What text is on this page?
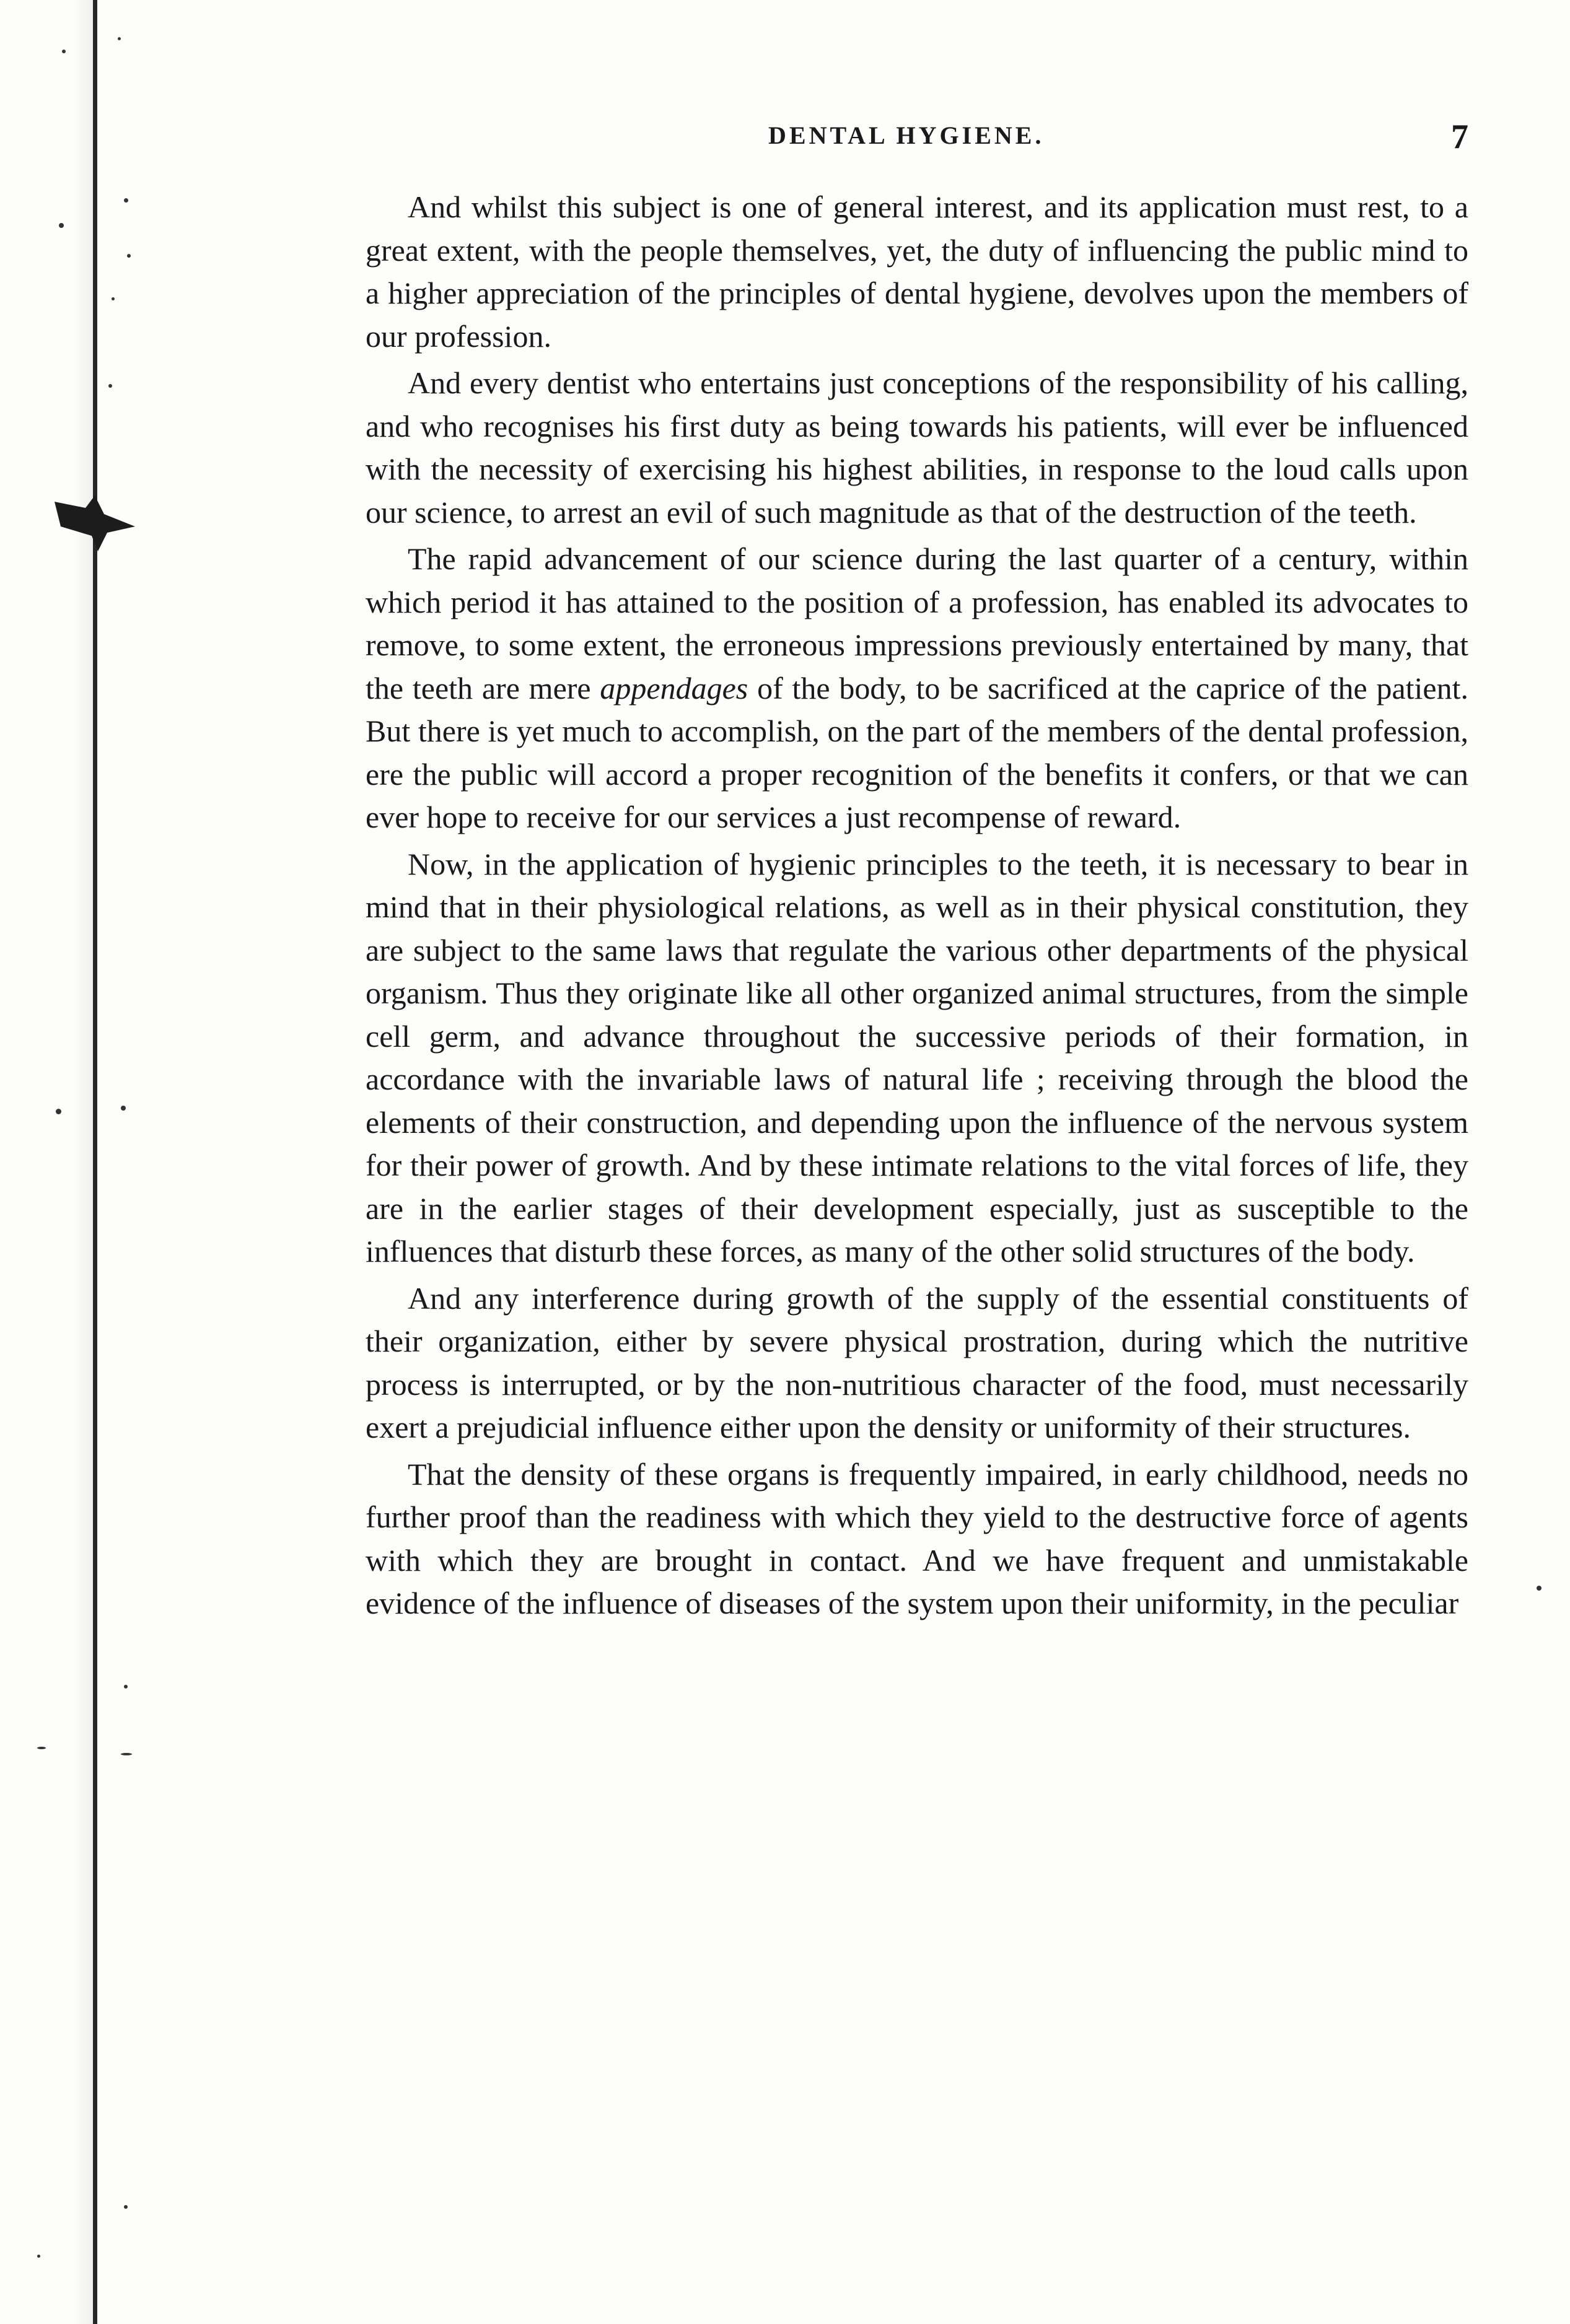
DENTAL HYGIENE.	7

And whilst this subject is one of general interest, and its application must rest, to a great extent, with the people themselves, yet, the duty of influencing the public mind to a higher appreciation of the principles of dental hygiene, devolves upon the members of our profession.

And every dentist who entertains just conceptions of the responsibility of his calling, and who recognises his first duty as being towards his patients, will ever be influenced with the necessity of exercising his highest abilities, in response to the loud calls upon our science, to arrest an evil of such magnitude as that of the destruction of the teeth.

The rapid advancement of our science during the last quarter of a century, within which period it has attained to the position of a profession, has enabled its advocates to remove, to some extent, the erroneous impressions previously entertained by many, that the teeth are mere appendages of the body, to be sacrificed at the caprice of the patient. But there is yet much to accomplish, on the part of the members of the dental profession, ere the public will accord a proper recognition of the benefits it confers, or that we can ever hope to receive for our services a just recompense of reward.

Now, in the application of hygienic principles to the teeth, it is necessary to bear in mind that in their physiological relations, as well as in their physical constitution, they are subject to the same laws that regulate the various other departments of the physical organism. Thus they originate like all other organized animal structures, from the simple cell germ, and advance throughout the successive periods of their formation, in accordance with the invariable laws of natural life ; receiving through the blood the elements of their construction, and depending upon the influence of the nervous system for their power of growth. And by these intimate relations to the vital forces of life, they are in the earlier stages of their development especially, just as susceptible to the influences that disturb these forces, as many of the other solid structures of the body.

And any interference during growth of the supply of the essential constituents of their organization, either by severe physical prostration, during which the nutritive process is interrupted, or by the non-nutritious character of the food, must necessarily exert a prejudicial influence either upon the density or uniformity of their structures.

That the density of these organs is frequently impaired, in early childhood, needs no further proof than the readiness with which they yield to the destructive force of agents with which they are brought in contact. And we have frequent and unmistakable evidence of the influence of diseases of the system upon their uniformity, in the peculiar
